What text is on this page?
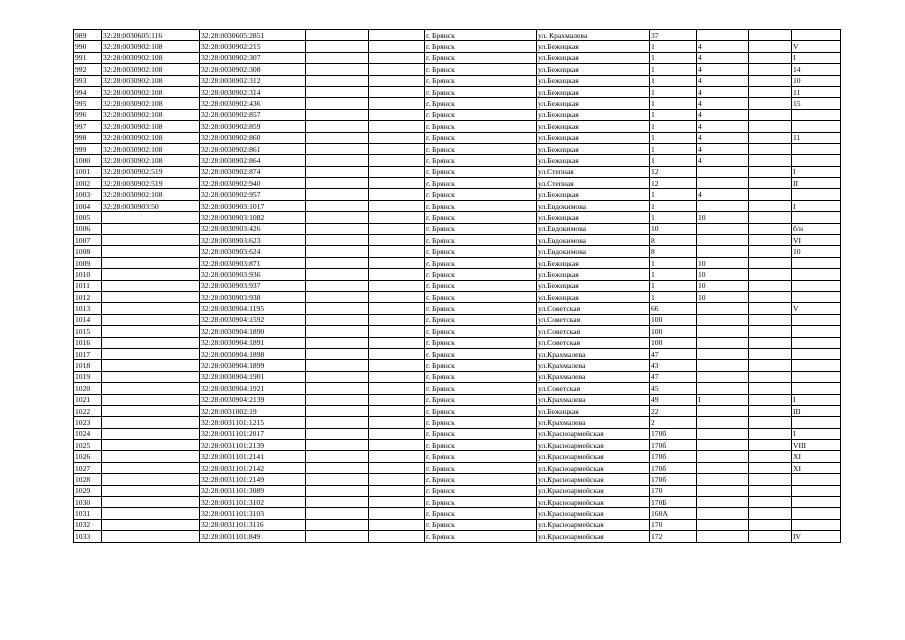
989	32:28:0030605:116	32:28:0030605:2851			г. Брянск	ул. Крахмалева	37			
990	32:28:0030902:108	32:28:0030902:215			г. Брянск	ул.Бежицкая	1	4		V
991	32:28:0030902:108	32:28:0030902:307			г. Брянск	ул.Бежицкая	1	4		I
992	32:28:0030902:108	32:28:0030902:308			г. Брянск	ул.Бежицкая	1	4		14
993	32:28:0030902:108	32:28:0030902:312			г. Брянск	ул.Бежицкая	1	4		10
994	32:28:0030902:108	32:28:0030902:314			г. Брянск	ул.Бежицкая	1	4		11
995	32:28:0030902:108	32:28:0030902:436			г. Брянск	ул.Бежицкая	1	4		15
996	32:28:0030902:108	32:28:0030902:857			г. Брянск	ул.Бежицкая	1	4		
997	32:28:0030902:108	32:28:0030902:859			г. Брянск	ул.Бежицкая	1	4		
998	32:28:0030902:108	32:28:0030902:860			г. Брянск	ул.Бежицкая	1	4		11
999	32:28:0030902:108	32:28:0030902:861			г. Брянск	ул.Бежицкая	1	4		
1000	32:28:0030902:108	32:28:0030902:864			г. Брянск	ул.Бежицкая	1	4		
1001	32:28:0030902:519	32:28:0030902:874			г. Брянск	ул.Степная	12			I
1002	32:28:0030902:519	32:28:0030902:940			г. Брянск	ул.Степная	12			II
1003	32:28:0030902:108	32:28:0030902:957			г. Брянск	ул.Бежицкая	1	4		
1004	32:28:0030903:50	32:28:0030903:1017			г. Брянск	ул.Евдокимова	1			I
1005		32:28:0030903:1082			г. Брянск	ул.Бежицкая	1	10		
1006		32:28:0030903:426			г. Брянск	ул.Евдокимова	10			б/н
1007		32:28:0030903:623			г. Брянск	ул.Евдокимова	8			VI
1008		32:28:0030903:624			г. Брянск	ул.Евдокимова	8			10
1009		32:28:0030903:871			г. Брянск	ул.Бежицкая	1	10		
1010		32:28:0030903:936			г. Брянск	ул.Бежицкая	1	10		
1011		32:28:0030903:937			г. Брянск	ул.Бежицкая	1	10		
1012		32:28:0030903:938			г. Брянск	ул.Бежицкая	1	10		
1013		32:28:0030904:1195			г. Брянск	ул.Советская	66			V
1014		32:28:0030904:1592			г. Брянск	ул.Советская	100			
1015		32:28:0030904:1890			г. Брянск	ул.Советская	100			
1016		32:28:0030904:1891			г. Брянск	ул.Советская	100			
1017		32:28:0030904:1898			г. Брянск	ул.Крахмалева	47			
1018		32:28:0030904:1899			г. Брянск	ул.Крахмалева	43			
1019		32:28:0030904:1901			г. Брянск	ул.Крахмалева	47			
1020		32:28:0030904:1921			г. Брянск	ул.Советская	45			
1021		32:28:0030904:2139			г. Брянск	ул.Крахмалева	49	I		I
1022		32:28:0031002:19			г. Брянск	ул.Бежицкая	22			III
1023		32:28:0031101:1215			г. Брянск	ул.Крахмалева	2			
1024		32:28:0031101:2017			г. Брянск	ул.Красноармейская	170б			I
1025		32:28:0031101:2139			г. Брянск	ул.Красноармейская	170б			VIII
1026		32:28:0031101:2141			г. Брянск	ул.Красноармейская	170б			XI
1027		32:28:0031101:2142			г. Брянск	ул.Красноармейская	170б			XI
1028		32:28:0031101:2149			г. Брянск	ул.Красноармейская	170б			
1029		32:28:0031101:3089			г. Брянск	ул.Красноармейская	170			
1030		32:28:0031101:3102			г. Брянск	ул.Красноармейская	170Б			
1031		32:28:0031101:3103			г. Брянск	ул.Красноармейская	160А			
1032		32:28:0031101:3116			г. Брянск	ул.Красноармейская	170			
1033		32:28:0031101:849			г. Брянск	ул.Красноармейская	172			IV
